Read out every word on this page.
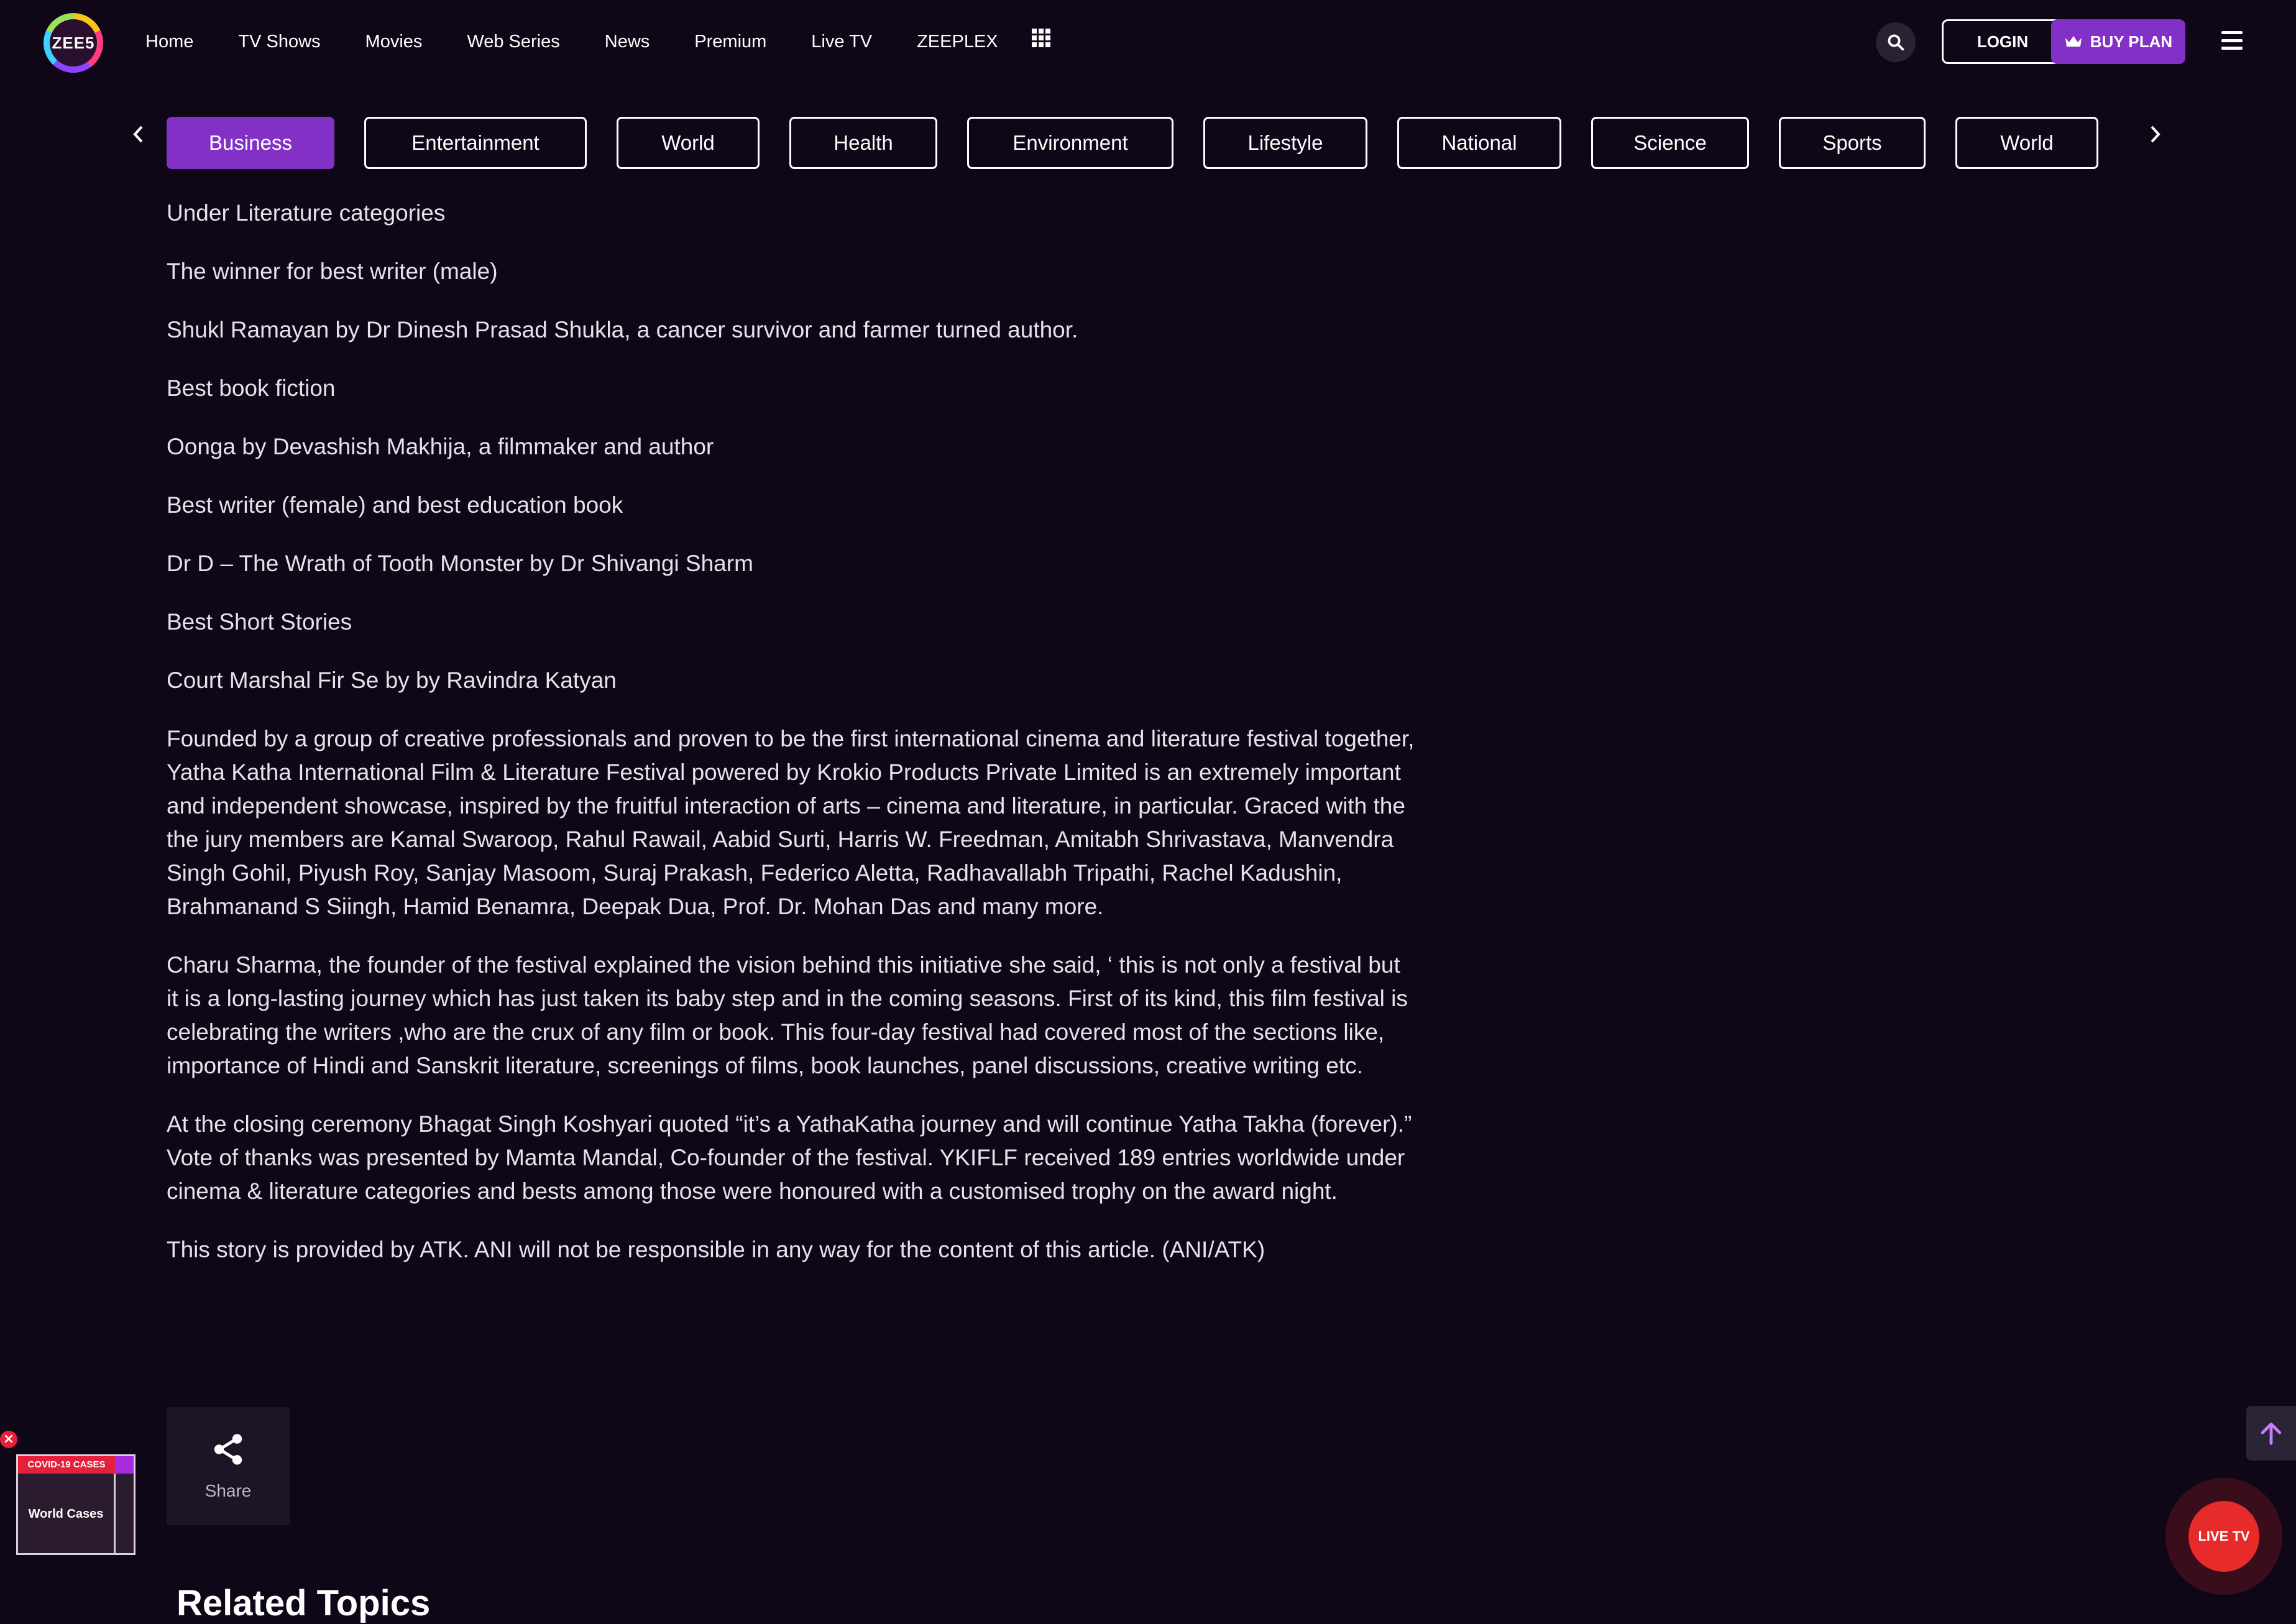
ZEE5	Home	TV Shows	Movies	Web Series	News	Premium	Live TV	ZEEPLEX	LOGIN	BUY PLAN
Business	Entertainment	World	Health	Environment	Lifestyle	National	Science	Sports	World

Under Literature categories

The winner for best writer (male)

Shukl Ramayan by Dr Dinesh Prasad Shukla, a cancer survivor and farmer turned author.

Best book fiction

Oonga by Devashish Makhija, a filmmaker and author

Best writer (female) and best education book

Dr D – The Wrath of Tooth Monster by Dr Shivangi Sharm

Best Short Stories

Court Marshal Fir Se by by Ravindra Katyan

Founded by a group of creative professionals and proven to be the first international cinema and literature festival together, Yatha Katha International Film & Literature Festival powered by Krokio Products Private Limited is an extremely important and independent showcase, inspired by the fruitful interaction of arts – cinema and literature, in particular. Graced with the the jury members are Kamal Swaroop, Rahul Rawail, Aabid Surti, Harris W. Freedman, Amitabh Shrivastava, Manvendra Singh Gohil, Piyush Roy, Sanjay Masoom, Suraj Prakash, Federico Aletta, Radhavallabh Tripathi, Rachel Kadushin, Brahmanand S Siingh, Hamid Benamra, Deepak Dua, Prof. Dr. Mohan Das and many more.

Charu Sharma, the founder of the festival explained the vision behind this initiative she said, ‘ this is not only a festival but it is a long-lasting journey which has just taken its baby step and in the coming seasons. First of its kind, this film festival is celebrating the writers ,who are the crux of any film or book. This four-day festival had covered most of the sections like, importance of Hindi and Sanskrit literature, screenings of films, book launches, panel discussions, creative writing etc.

At the closing ceremony Bhagat Singh Koshyari quoted “it’s a YathaKatha journey and will continue Yatha Takha (forever).” Vote of thanks was presented by Mamta Mandal, Co-founder of the festival. YKIFLF received 189 entries worldwide under cinema & literature categories and bests among those were honoured with a customised trophy on the award night.

This story is provided by ATK. ANI will not be responsible in any way for the content of this article. (ANI/ATK)

Share
Related Topics
×
COVID-19 CASES
World Cases
LIVE TV
